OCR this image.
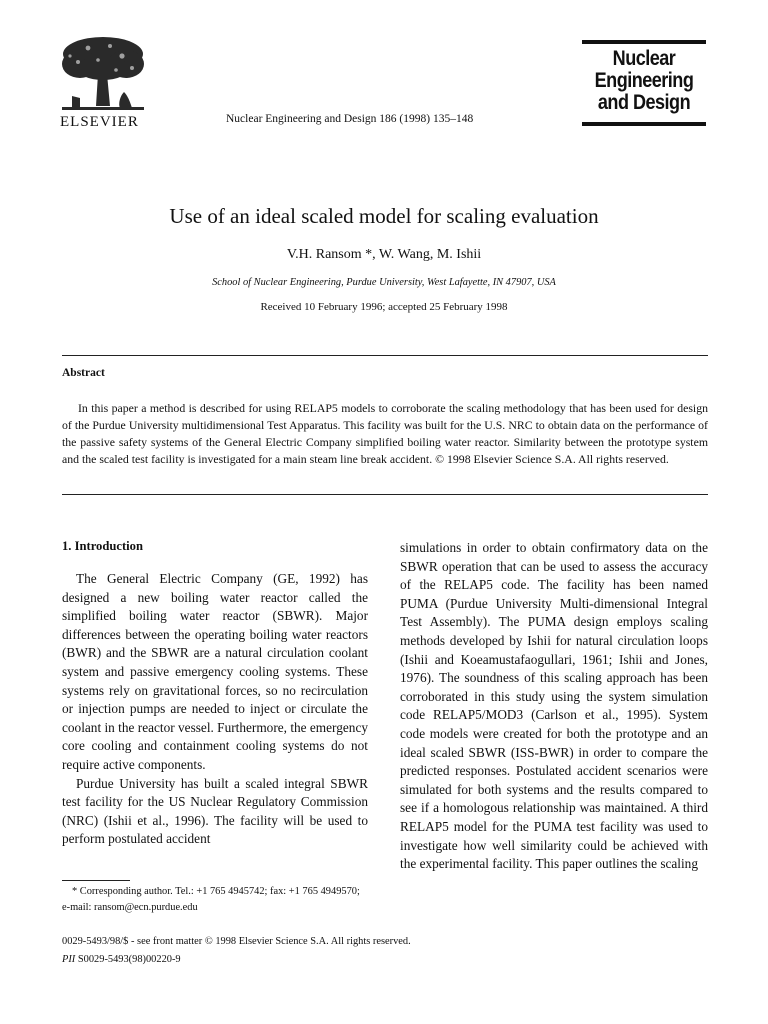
ELSEVIER	Nuclear Engineering and Design 186 (1998) 135–148
Nuclear
Engineering
and Design
Use of an ideal scaled model for scaling evaluation
V.H. Ransom *, W. Wang, M. Ishii
School of Nuclear Engineering, Purdue University, West Lafayette, IN 47907, USA
Received 10 February 1996; accepted 25 February 1998
Abstract
In this paper a method is described for using RELAP5 models to corroborate the scaling methodology that has been used for design of the Purdue University multidimensional Test Apparatus. This facility was built for the U.S. NRC to obtain data on the performance of the passive safety systems of the General Electric Company simplified boiling water reactor. Similarity between the prototype system and the scaled test facility is investigated for a main steam line break accident. © 1998 Elsevier Science S.A. All rights reserved.
1. Introduction

The General Electric Company (GE, 1992) has designed a new boiling water reactor called the simplified boiling water reactor (SBWR). Major differences between the operating boiling water reactors (BWR) and the SBWR are a natural circulation coolant system and passive emergency cooling systems. These systems rely on gravitational forces, so no recirculation or injection pumps are needed to inject or circulate the coolant in the reactor vessel. Furthermore, the emergency core cooling and containment cooling systems do not require active components.

Purdue University has built a scaled integral SBWR test facility for the US Nuclear Regulatory Commission (NRC) (Ishii et al., 1996). The facility will be used to perform postulated accident

simulations in order to obtain confirmatory data on the SBWR operation that can be used to assess the accuracy of the RELAP5 code. The facility has been named PUMA (Purdue University Multi-dimensional Integral Test Assembly). The PUMA design employs scaling methods developed by Ishii for natural circulation loops (Ishii and Koeamustafaogullari, 1961; Ishii and Jones, 1976). The soundness of this scaling approach has been corroborated in this study using the system simulation code RELAP5/MOD3 (Carlson et al., 1995). System code models were created for both the prototype and an ideal scaled SBWR (ISS-BWR) in order to compare the predicted responses. Postulated accident scenarios were simulated for both systems and the results compared to see if a homologous relationship was maintained. A third RELAP5 model for the PUMA test facility was used to investigate how well similarity could be achieved with the experimental facility. This paper outlines the scaling

* Corresponding author. Tel.: +1 765 4945742; fax: +1 765 4949570; e-mail: ransom@ecn.purdue.edu
0029-5493/98/$ - see front matter © 1998 Elsevier Science S.A. All rights reserved.
PII S0029-5493(98)00220-9
